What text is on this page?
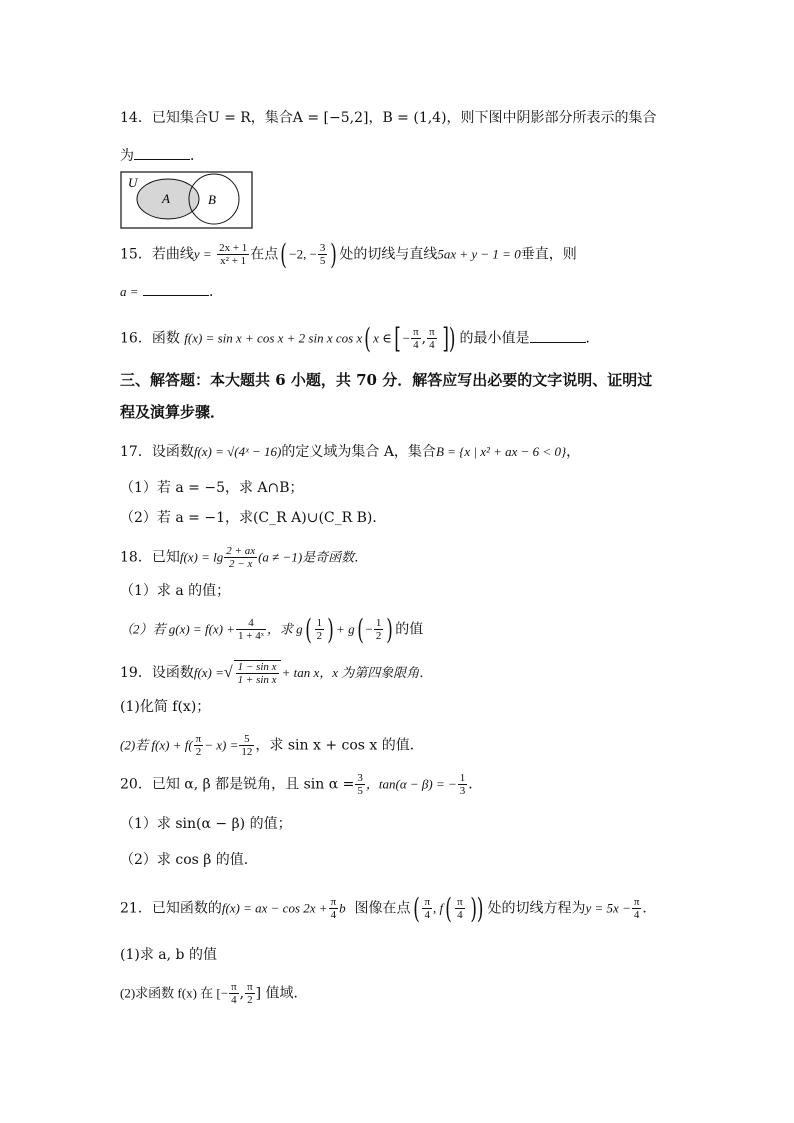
14．已知集合U = R，集合A = [−5,2]，B = (1,4)，则下图中阴影部分所表示的集合
为	．
U
A	B
15．若曲线$y = \frac{2x + 1}{\text{x² + 1}}$ 在点( −2, − $\frac{3}{5}$ ) 处的切线与直线5ax + y − 1 = 0垂直，则
a =	．
16．函数 f(x) = sin x + cos x + 2 sin x cos x( x ∈[ − $\frac{\pi}{4}$ , $\frac{\pi}{4}$ ]) 的最小值是	．
三、解答题：本大题共 6 小题，共 70 分．解答应写出必要的文字说明、证明过
程及演算步骤．
17．设函数f(x) = √(4ˣ − 16)的定义域为集合 A，集合B = {x | x² + ax − 6 < 0}，
（1）若 a = −5，求 A∩B；
（2）若 a = −1，求(C_R A)∪(C_R B)．
18．已知$f(x) = \lg \frac{2 + ax}{2 - x} (a \ne -1)$是奇函数．
（1）求 a 的值；
（2）若 $g(x) = f(x) + \frac{4}{\text{1 + 4ˣ}}$ ，求 $g( \frac{1}{2}$ ) + $g( - \frac{1}{2}$ ) 的值
19．设函数f(x) =√ $\frac{\text{1 − sin x}}{\text{1 + sin x}} + \tan x$，x 为第四象限角．
(1)化简 f(x)；
(2)若 $f(x) + f( \frac{\pi}{2} - x) = \frac{5}{12}$ ，求 sin x + cos x 的值．
20．已知 α, β 都是锐角，且 $\sin \alpha = \frac{3}{5}$ ，tan(α − β) = − $\frac{1}{3}$ ．
（1）求 sin(α − β) 的值；
（2）求 cos β 的值．
21．已知函数的f(x) = ax − $\cos 2x + \frac{\pi}{4}$ b 图像在点( $\frac{\pi}{4}$ , $f( \frac{\pi}{4}$ )) 处的切线方程为$y = 5x - \frac{\pi}{4}$ ．
(1)求 a, b 的值
(2)求函数 f(x) 在 [− $\frac{\pi}{4}$ , $\frac{\pi}{2}$ ] 值域．
